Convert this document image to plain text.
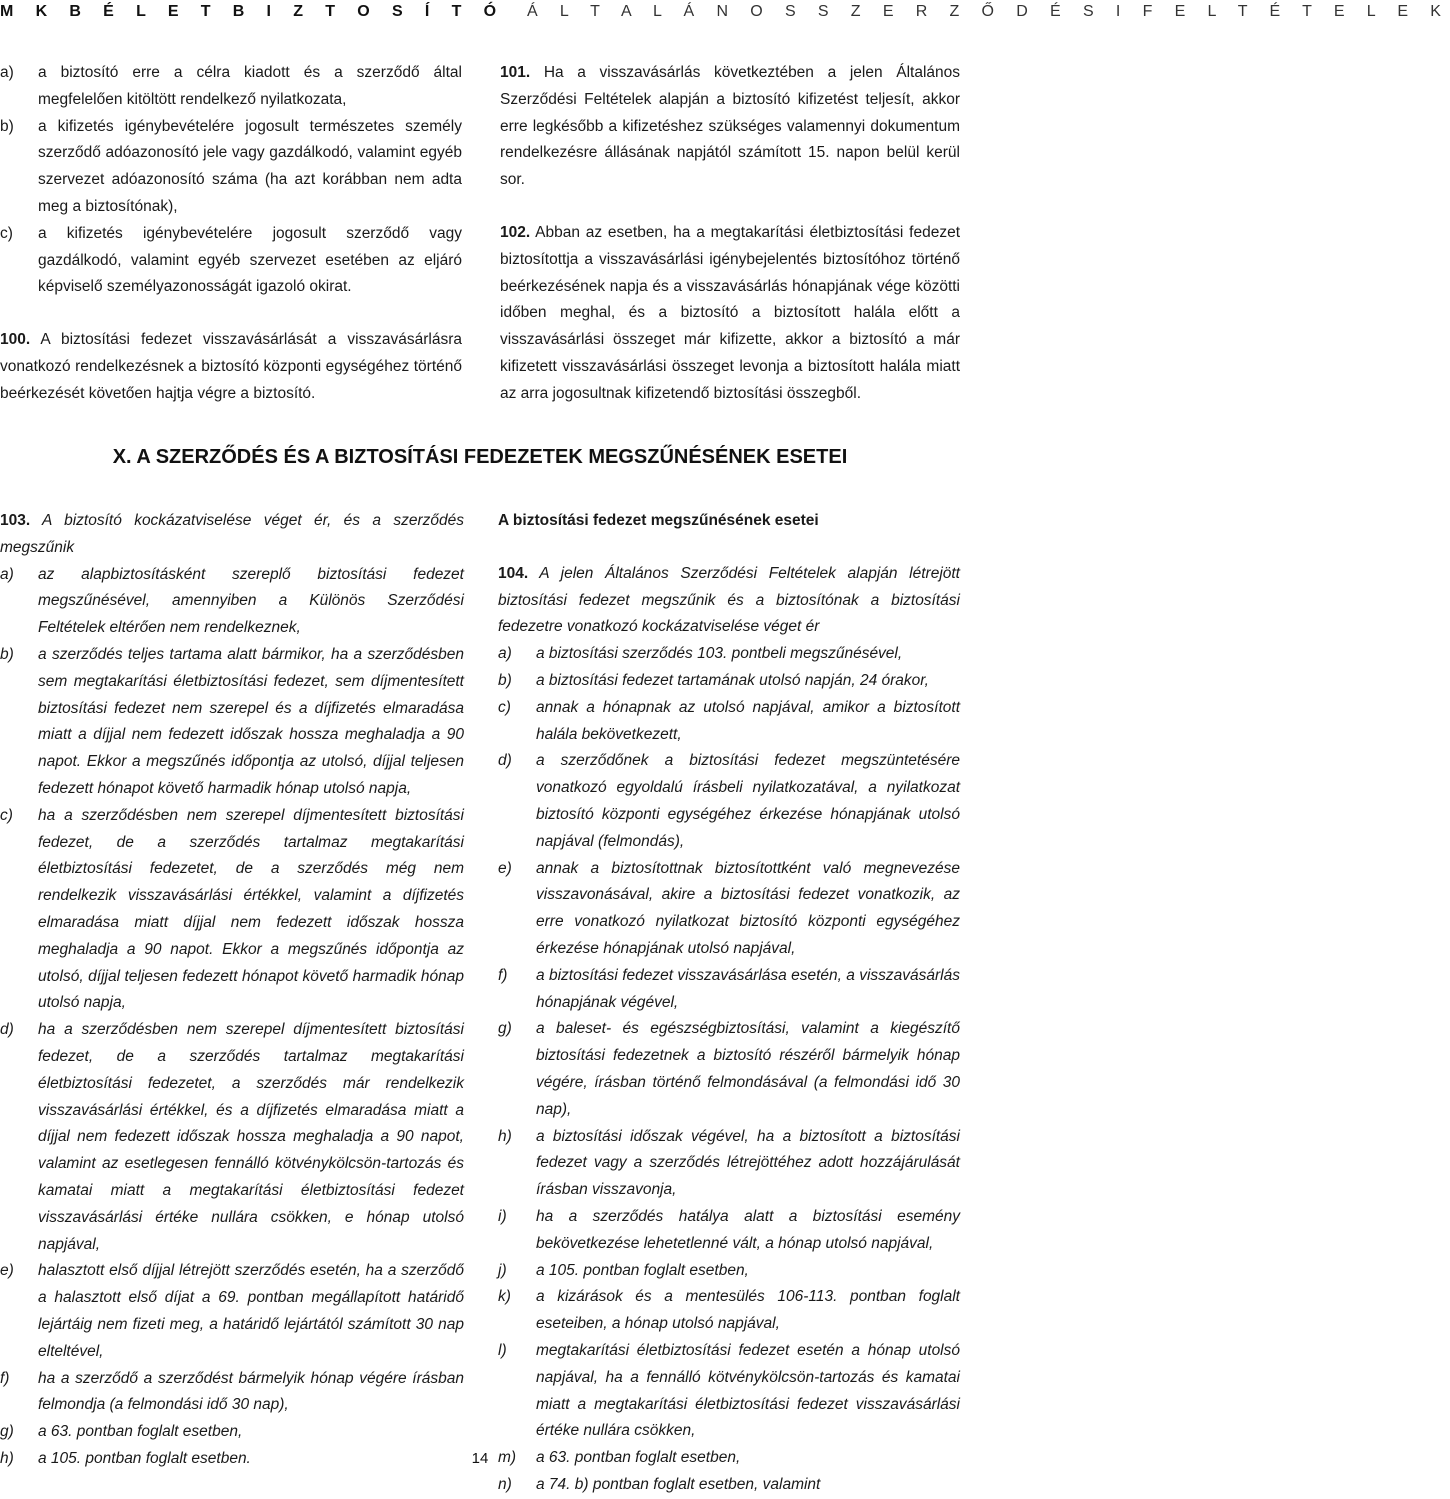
M K B É L E T B I Z T O S Í T Ó Á L T A L Á N O S S Z E R Z Ő D É S I F E L T É T E L E K
a)	a biztosító erre a célra kiadott és a szerződő által megfelelően kitöltött rendelkező nyilatkozata,
b)	a kifizetés igénybevételére jogosult természetes személy szerződő adóazonosító jele vagy gazdálkodó, valamint egyéb szervezet adóazonosító száma (ha azt korábban nem adta meg a biztosítónak),
c)	a kifizetés igénybevételére jogosult szerződő vagy gazdálkodó, valamint egyéb szervezet esetében az eljáró képviselő személyazonosságát igazoló okirat.

100. A biztosítási fedezet visszavásárlását a visszavásárlásra vonatkozó rendelkezésnek a biztosító központi egységéhez történő beérkezését követően hajtja végre a biztosító.

101. Ha a visszavásárlás következtében a jelen Általános Szerződési Feltételek alapján a biztosító kifizetést teljesít, akkor erre legkésőbb a kifizetéshez szükséges valamennyi dokumentum rendelkezésre állásának napjától számított 15. napon belül kerül sor.

102. Abban az esetben, ha a megtakarítási életbiztosítási fedezet biztosítottja a visszavásárlási igénybejelentés biztosítóhoz történő beérkezésének napja és a visszavásárlás hónapjának vége közötti időben meghal, és a biztosító a biztosított halála előtt a visszavásárlási összeget már kifizette, akkor a biztosító a már kifizetett visszavásárlási összeget levonja a biztosított halála miatt az arra jogosultnak kifizetendő biztosítási összegből.

X. A SZERZŐDÉS ÉS A BIZTOSÍTÁSI FEDEZETEK MEGSZŰNÉSÉNEK ESETEI

103. A biztosító kockázatviselése véget ér, és a szerződés megszűnik

a)	az alapbiztosításként szereplő biztosítási fedezet megszűnésével, amennyiben a Különös Szerződési Feltételek eltérően nem rendelkeznek,
b)	a szerződés teljes tartama alatt bármikor, ha a szerződésben sem megtakarítási életbiztosítási fedezet, sem díjmentesített biztosítási fedezet nem szerepel és a díjfizetés elmaradása miatt a díjjal nem fedezett időszak hossza meghaladja a 90 napot. Ekkor a megszűnés időpontja az utolsó, díjjal teljesen fedezett hónapot követő harmadik hónap utolsó napja,
c)	ha a szerződésben nem szerepel díjmentesített biztosítási fedezet, de a szerződés tartalmaz megtakarítási életbiztosítási fedezetet, de a szerződés még nem rendelkezik visszavásárlási értékkel, valamint a díjfizetés elmaradása miatt díjjal nem fedezett időszak hossza meghaladja a 90 napot. Ekkor a megszűnés időpontja az utolsó, díjjal teljesen fedezett hónapot követő harmadik hónap utolsó napja,
d)	ha a szerződésben nem szerepel díjmentesített biztosítási fedezet, de a szerződés tartalmaz megtakarítási életbiztosítási fedezetet, a szerződés már rendelkezik visszavásárlási értékkel, és a díjfizetés elmaradása miatt a díjjal nem fedezett időszak hossza meghaladja a 90 napot, valamint az esetlegesen fennálló kötvénykölcsön-tartozás és kamatai miatt a megtakarítási életbiztosítási fedezet visszavásárlási értéke nullára csökken, e hónap utolsó napjával,
e)	halasztott első díjjal létrejött szerződés esetén, ha a szerződő a halasztott első díjat a 69. pontban megállapított határidő lejártáig nem fizeti meg, a határidő lejártától számított 30 nap elteltével,
f)	ha a szerződő a szerződést bármelyik hónap végére írásban felmondja (a felmondási idő 30 nap),
g)	a 63. pontban foglalt esetben,
h)	a 105. pontban foglalt esetben.

A biztosítási fedezet megszűnésének esetei

104. A jelen Általános Szerződési Feltételek alapján létrejött biztosítási fedezet megszűnik és a biztosítónak a biztosítási fedezetre vonatkozó kockázatviselése véget ér

a)	a biztosítási szerződés 103. pontbeli megszűnésével,
b)	a biztosítási fedezet tartamának utolsó napján, 24 órakor,
c)	annak a hónapnak az utolsó napjával, amikor a biztosított halála bekövetkezett,
d)	a szerződőnek a biztosítási fedezet megszüntetésére vonatkozó egyoldalú írásbeli nyilatkozatával, a nyilatkozat biztosító központi egységéhez érkezése hónapjának utolsó napjával (felmondás),
e)	annak a biztosítottnak biztosítottként való megnevezése visszavonásával, akire a biztosítási fedezet vonatkozik, az erre vonatkozó nyilatkozat biztosító központi egységéhez érkezése hónapjának utolsó napjával,
f)	a biztosítási fedezet visszavásárlása esetén, a visszavásárlás hónapjának végével,
g)	a baleset- és egészségbiztosítási, valamint a kiegészítő biztosítási fedezetnek a biztosító részéről bármelyik hónap végére, írásban történő felmondásával (a felmondási idő 30 nap),
h)	a biztosítási időszak végével, ha a biztosított a biztosítási fedezet vagy a szerződés létrejöttéhez adott hozzájárulását írásban visszavonja,
i)	ha a szerződés hatálya alatt a biztosítási esemény bekövetkezése lehetetlenné vált, a hónap utolsó napjával,
j)	a 105. pontban foglalt esetben,
k)	a kizárások és a mentesülés 106-113. pontban foglalt eseteiben, a hónap utolsó napjával,
l)	megtakarítási életbiztosítási fedezet esetén a hónap utolsó napjával, ha a fennálló kötvénykölcsön-tartozás és kamatai miatt a megtakarítási életbiztosítási fedezet visszavásárlási értéke nullára csökken,
m)	a 63. pontban foglalt esetben,
n)	a 74. b) pontban foglalt esetben, valamint
14
